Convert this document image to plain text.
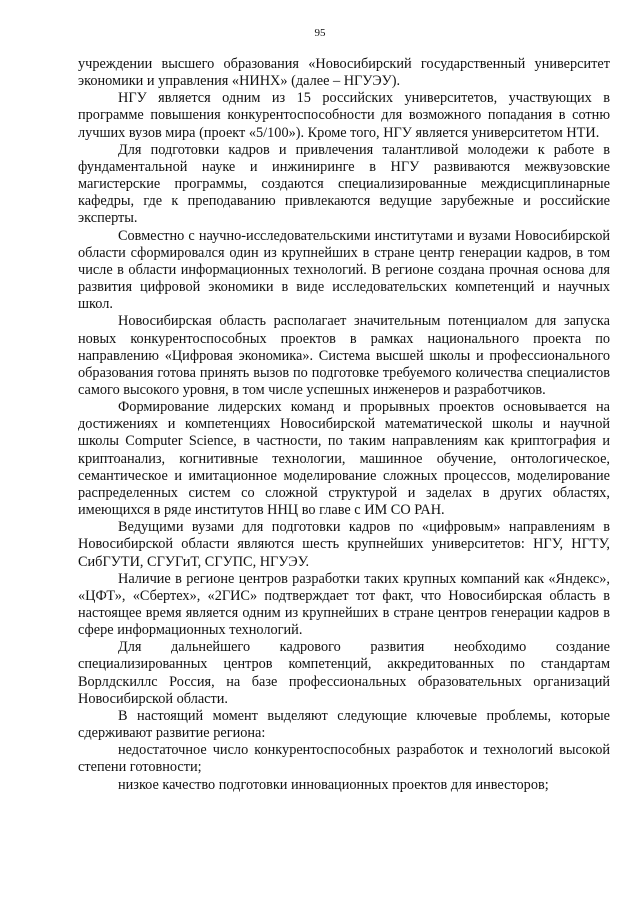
95

учреждении высшего образования «Новосибирский государственный университет экономики и управления «НИНХ» (далее – НГУЭУ).

НГУ является одним из 15 российских университетов, участвующих в программе повышения конкурентоспособности для возможного попадания в сотню лучших вузов мира (проект «5/100»). Кроме того, НГУ является университетом НТИ.

Для подготовки кадров и привлечения талантливой молодежи к работе в фундаментальной науке и инжиниринге в НГУ развиваются межвузовские магистерские программы, создаются специализированные междисциплинарные кафедры, где к преподаванию привлекаются ведущие зарубежные и российские эксперты.

Совместно с научно-исследовательскими институтами и вузами Новосибирской области сформировался один из крупнейших в стране центр генерации кадров, в том числе в области информационных технологий. В регионе создана прочная основа для развития цифровой экономики в виде исследовательских компетенций и научных школ.

Новосибирская область располагает значительным потенциалом для запуска новых конкурентоспособных проектов в рамках национального проекта по направлению «Цифровая экономика». Система высшей школы и профессионального образования готова принять вызов по подготовке требуемого количества специалистов самого высокого уровня, в том числе успешных инженеров и разработчиков.

Формирование лидерских команд и прорывных проектов основывается на достижениях и компетенциях Новосибирской математической школы и научной школы Computer Science, в частности, по таким направлениям как криптография и криптоанализ, когнитивные технологии, машинное обучение, онтологическое, семантическое и имитационное моделирование сложных процессов, моделирование распределенных систем со сложной структурой и заделах в других областях, имеющихся в ряде институтов ННЦ во главе с ИМ СО РАН.

Ведущими вузами для подготовки кадров по «цифровым» направлениям в Новосибирской области являются шесть крупнейших университетов: НГУ, НГТУ, СибГУТИ, СГУГиТ, СГУПС, НГУЭУ.

Наличие в регионе центров разработки таких крупных компаний как «Яндекс», «ЦФТ», «Сбертех», «2ГИС» подтверждает тот факт, что Новосибирская область в настоящее время является одним из крупнейших в стране центров генерации кадров в сфере информационных технологий.

Для дальнейшего кадрового развития необходимо создание специализированных центров компетенций, аккредитованных по стандартам Ворлдскиллс Россия, на базе профессиональных образовательных организаций Новосибирской области.

В настоящий момент выделяют следующие ключевые проблемы, которые сдерживают развитие региона:

недостаточное число конкурентоспособных разработок и технологий высокой степени готовности;

низкое качество подготовки инновационных проектов для инвесторов;
